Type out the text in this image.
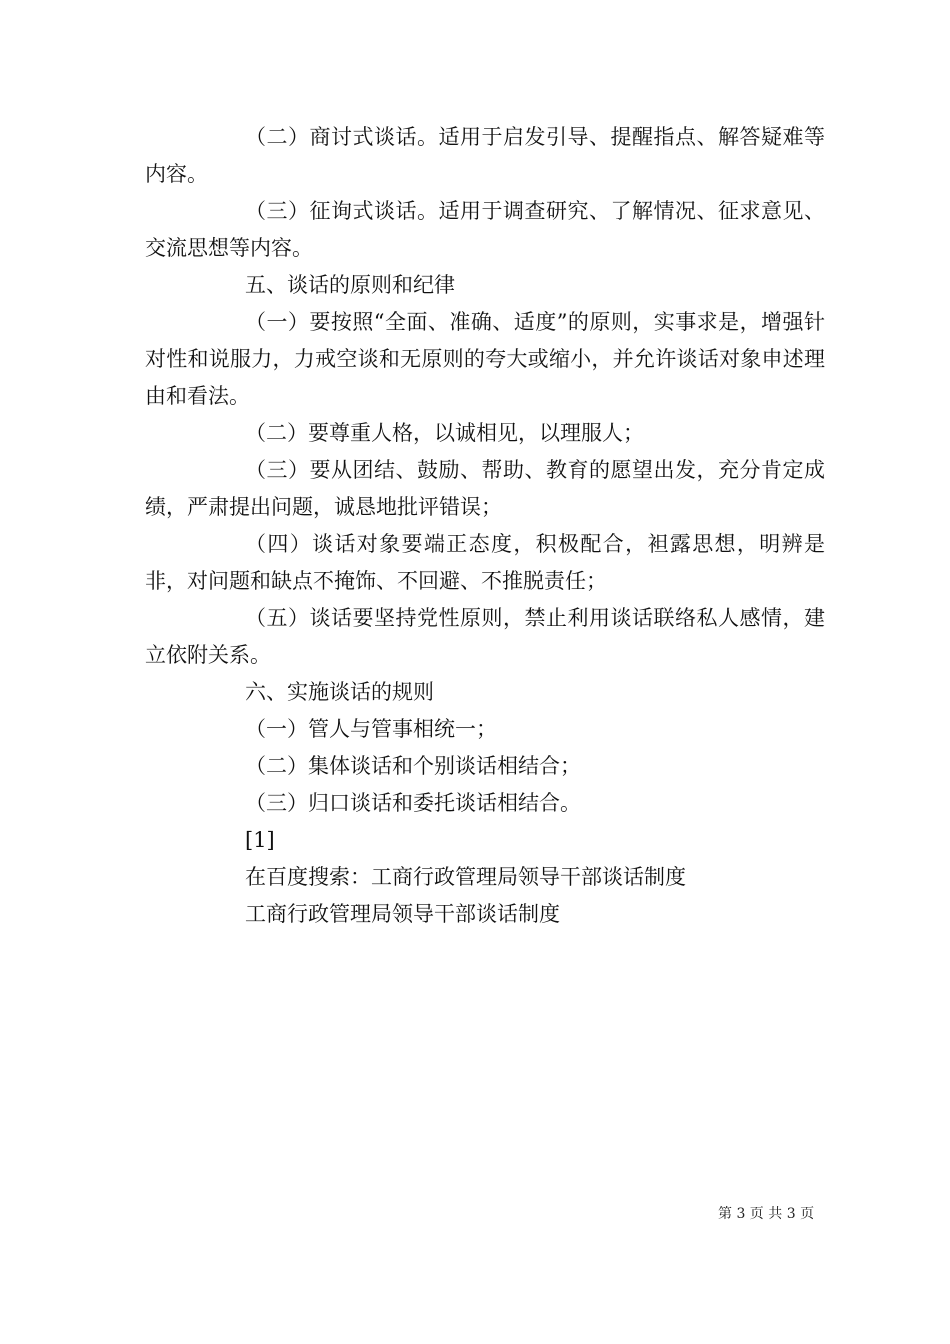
（二）商讨式谈话。适用于启发引导、提醒指点、解答疑难等内容。

（三）征询式谈话。适用于调查研究、了解情况、征求意见、交流思想等内容。

五、谈话的原则和纪律

（一）要按照“全面、准确、适度”的原则，实事求是，增强针对性和说服力，力戒空谈和无原则的夸大或缩小，并允许谈话对象申述理由和看法。

（二）要尊重人格，以诚相见，以理服人；

（三）要从团结、鼓励、帮助、教育的愿望出发，充分肯定成绩，严肃提出问题，诚恳地批评错误；

（四）谈话对象要端正态度，积极配合，袒露思想，明辨是非，对问题和缺点不掩饰、不回避、不推脱责任；

（五）谈话要坚持党性原则，禁止利用谈话联络私人感情，建立依附关系。

六、实施谈话的规则

（一）管人与管事相统一；

（二）集体谈话和个别谈话相结合；

（三）归口谈话和委托谈话相结合。

[1]

在百度搜索：工商行政管理局领导干部谈话制度

工商行政管理局领导干部谈话制度

第 3 页 共 3 页
